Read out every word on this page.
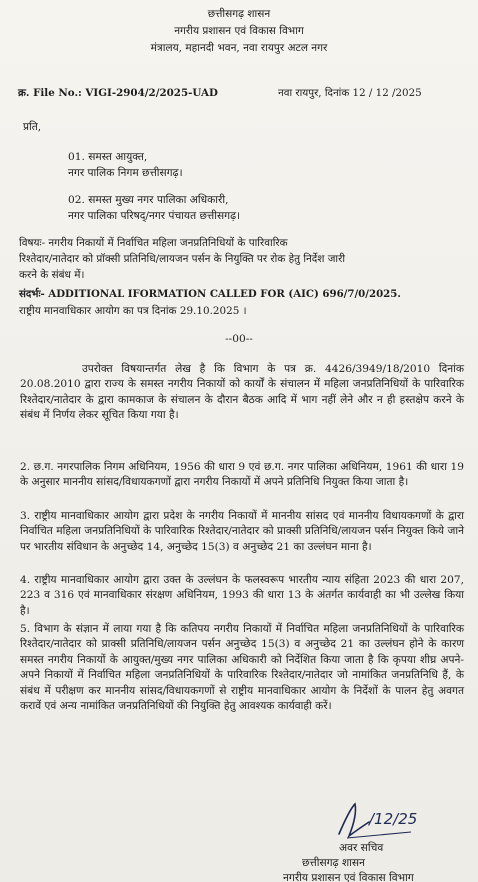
छत्तीसगढ़ शासन
नगरीय प्रशासन एवं विकास विभाग
मंत्रालय, महानदी भवन, नवा रायपुर अटल नगर
क्र. File No.: VIGI-2904/2/2025-UAD	नवा रायपुर, दिनांक 12 / 12 /2025
प्रति,
01. समस्त आयुक्त,
नगर पालिक निगम छत्तीसगढ़।
02. समस्त मुख्य नगर पालिका अधिकारी,
नगर पालिका परिषद्/नगर पंचायत छत्तीसगढ़।
विषयः- नगरीय निकायों में निर्वाचित महिला जनप्रतिनिधियों के पारिवारिक
रिश्तेदार/नातेदार को प्रॉक्सी प्रतिनिधि/लायजन पर्सन के नियुक्ति पर रोक हेतु निर्देश जारी
करने के संबंध में।
संदर्भः- ADDITIONAL IFORMATION CALLED FOR (AIC) 696/7/0/2025.
राष्ट्रीय मानवाधिकार आयोग का पत्र दिनांक 29.10.2025 ।
--00--
उपरोक्त विषयान्तर्गत लेख है कि विभाग के पत्र क्र. 4426/3949/18/2010 दिनांक 20.08.2010 द्वारा राज्य के समस्त नगरीय निकायों को कार्यों के संचालन में महिला जनप्रतिनिधियों के पारिवारिक रिश्तेदार/नातेदार के द्वारा कामकाज के संचालन के दौरान बैठक आदि में भाग नहीं लेने और न ही हस्तक्षेप करने के संबंध में निर्णय लेकर सूचित किया गया है।
2. छ.ग. नगरपालिक निगम अधिनियम, 1956 की धारा 9 एवं छ.ग. नगर पालिका अधिनियम, 1961 की धारा 19 के अनुसार माननीय सांसद/विधायकगणों द्वारा नगरीय निकायों में अपने प्रतिनिधि नियुक्त किया जाता है।
3. राष्ट्रीय मानवाधिकार आयोग द्वारा प्रदेश के नगरीय निकायों में माननीय सांसद एवं माननीय विधायकगणों के द्वारा निर्वाचित महिला जनप्रतिनिधियों के पारिवारिक रिश्तेदार/नातेदार को प्राक्सी प्रतिनिधि/लायजन पर्सन नियुक्त किये जाने पर भारतीय संविधान के अनुच्छेद 14, अनुच्छेद 15(3) व अनुच्छेद 21 का उल्लंघन माना है।
4. राष्ट्रीय मानवाधिकार आयोग द्वारा उक्त के उल्लंघन के फलस्वरूप भारतीय न्याय संहिता 2023 की धारा 207, 223 व 316 एवं मानवाधिकार संरक्षण अधिनियम, 1993 की धारा 13 के अंतर्गत कार्यवाही का भी उल्लेख किया है।
5. विभाग के संज्ञान में लाया गया है कि कतिपय नगरीय निकायों में निर्वाचित महिला जनप्रतिनिधियों के पारिवारिक रिश्तेदार/नातेदार को प्राक्सी प्रतिनिधि/लायजन पर्सन अनुच्छेद 15(3) व अनुच्छेद 21 का उल्लंघन होने के कारण समस्त नगरीय निकायों के आयुक्त/मुख्य नगर पालिका अधिकारी को निर्देशित किया जाता है कि कृपया शीघ्र अपने-अपने निकायों में निर्वाचित महिला जनप्रतिनिधियों के पारिवारिक रिश्तेदार/नातेदार जो नामांकित जनप्रतिनिधि हैं, के संबंध में परीक्षण कर माननीय सांसद/विधायकगणों से राष्ट्रीय मानवाधिकार आयोग के निर्देशों के पालन हेतु अवगत करावें एवं अन्य नामांकित जनप्रतिनिधियों की नियुक्ति हेतु आवश्यक कार्यवाही करें।
/12/25
अवर सचिव
छत्तीसगढ़ शासन
नगरीय प्रशासन एवं विकास विभाग
